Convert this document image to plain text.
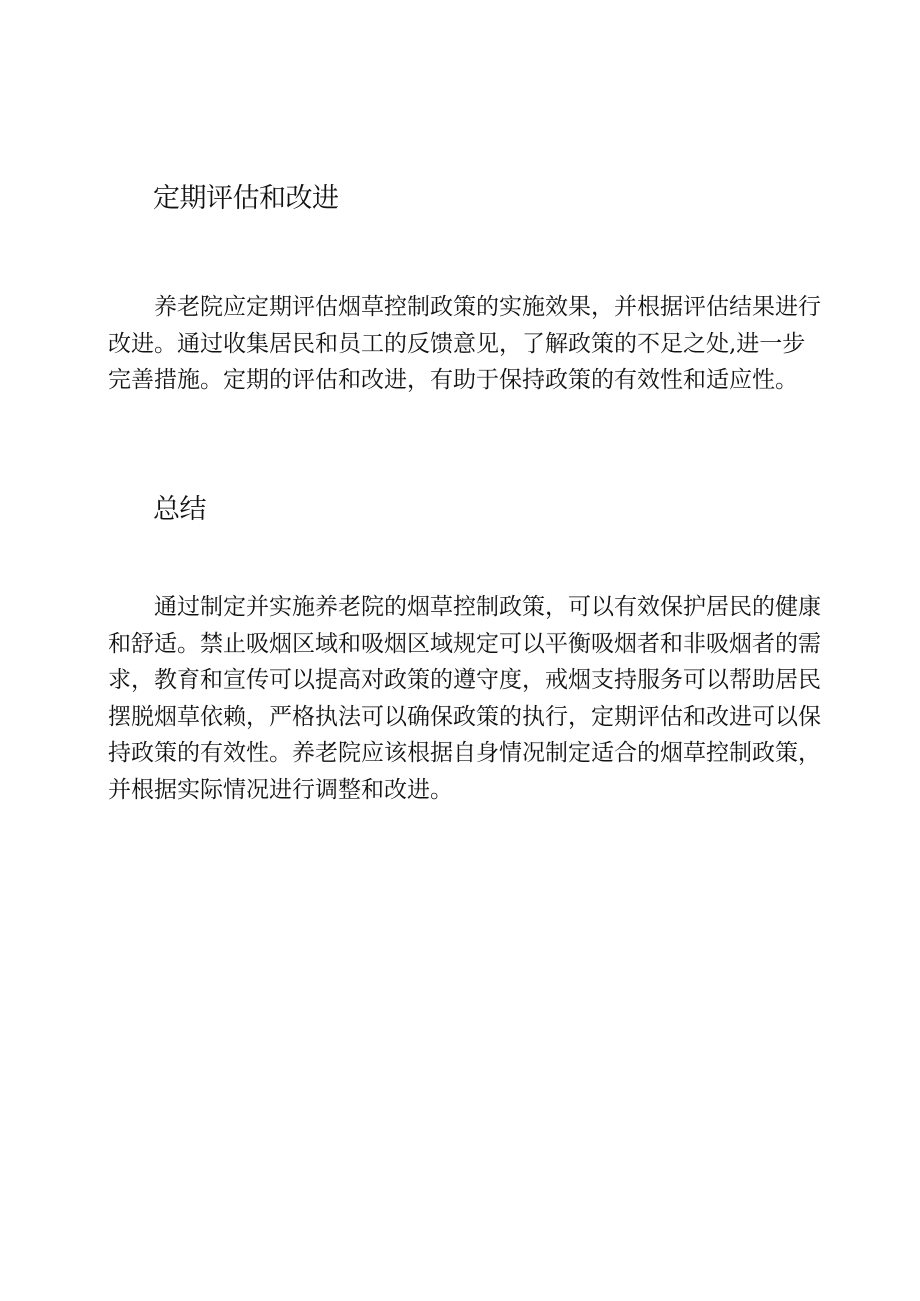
定期评估和改进

养老院应定期评估烟草控制政策的实施效果，并根据评估结果进行
改进。通过收集居民和员工的反馈意见，了解政策的不足之处,进一步
完善措施。定期的评估和改进，有助于保持政策的有效性和适应性。

总结

通过制定并实施养老院的烟草控制政策，可以有效保护居民的健康
和舒适。禁止吸烟区域和吸烟区域规定可以平衡吸烟者和非吸烟者的需
求，教育和宣传可以提高对政策的遵守度，戒烟支持服务可以帮助居民
摆脱烟草依赖，严格执法可以确保政策的执行，定期评估和改进可以保
持政策的有效性。养老院应该根据自身情况制定适合的烟草控制政策，
并根据实际情况进行调整和改进。
